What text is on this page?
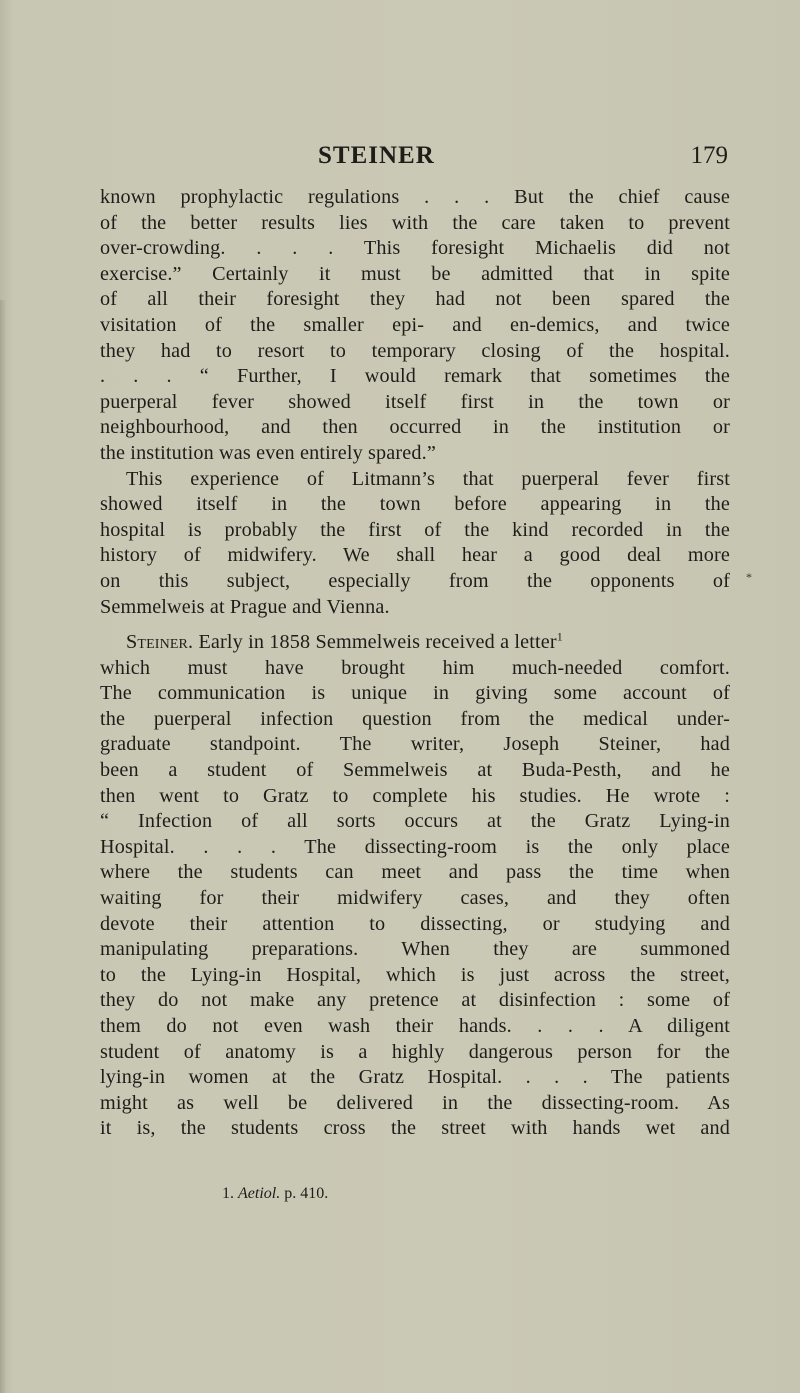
STEINER	179
known prophylactic regulations . . . But the chief cause
of the better results lies with the care taken to prevent
over-crowding. . . . This foresight Michaelis did not
exercise.” Certainly it must be admitted that in spite
of all their foresight they had not been spared the
visitation of the smaller epi- and en-demics, and twice
they had to resort to temporary closing of the hospital.
. . . “ Further, I would remark that sometimes the
puerperal fever showed itself first in the town or
neighbourhood, and then occurred in the institution or
the institution was even entirely spared.”
This experience of Litmann’s that puerperal fever first
showed itself in the town before appearing in the
hospital is probably the first of the kind recorded in the
history of midwifery. We shall hear a good deal more
on this subject, especially from the opponents of
Semmelweis at Prague and Vienna.
Steiner. Early in 1858 Semmelweis received a letter$^1$
which must have brought him much-needed comfort.
The communication is unique in giving some account of
the puerperal infection question from the medical under-
graduate standpoint. The writer, Joseph Steiner, had
been a student of Semmelweis at Buda-Pesth, and he
then went to Gratz to complete his studies. He wrote :
“ Infection of all sorts occurs at the Gratz Lying-in
Hospital. . . . The dissecting-room is the only place
where the students can meet and pass the time when
waiting for their midwifery cases, and they often
devote their attention to dissecting, or studying and
manipulating preparations. When they are summoned
to the Lying-in Hospital, which is just across the street,
they do not make any pretence at disinfection : some of
them do not even wash their hands. . . . A diligent
student of anatomy is a highly dangerous person for the
lying-in women at the Gratz Hospital. . . . The patients
might as well be delivered in the dissecting-room. As
it is, the students cross the street with hands wet and
1. Aetiol. p. 410.
*
